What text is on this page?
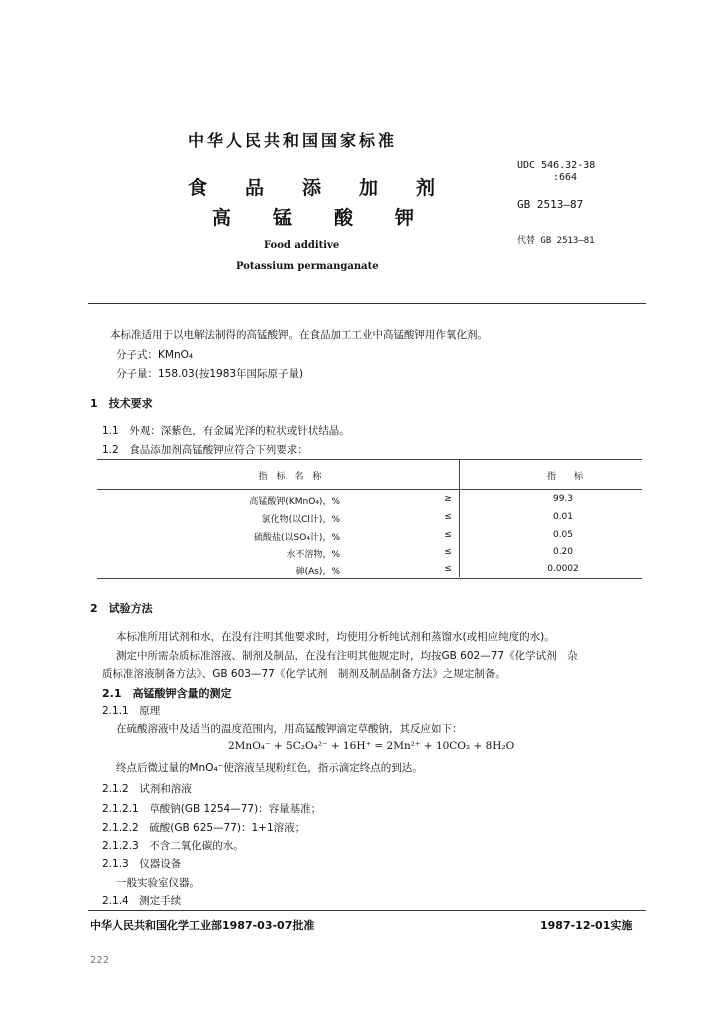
中华人民共和国国家标准
食品添加剂
高锰酸钾
Food additive
Potassium permanganate
UDC 546.32-38
:664
GB 2513—87
代替 GB 2513—81
本标准适用于以电解法制得的高锰酸钾。在食品加工工业中高锰酸钾用作氧化剂。
分子式：KMnO₄
分子量：158.03(按1983年国际原子量)
1　技术要求
1.1　外观：深紫色，有金属光泽的粒状或针状结晶。
1.2　食品添加剂高锰酸钾应符合下列要求：
指　标　名　称	指　　标
高锰酸钾(KMnO₄)，%	≥	99.3
氯化物(以Cl计)，%	≤	0.01
硫酸盐(以SO₄计)，%	≤	0.05
水不溶物，%	≤	0.20
砷(As)，%	≤	0.0002
2　试验方法
本标准所用试剂和水，在没有注明其他要求时，均使用分析纯试剂和蒸馏水(或相应纯度的水)。
测定中所需杂质标准溶液、制剂及制品，在没有注明其他规定时，均按GB 602—77《化学试剂　杂
质标准溶液制备方法》、GB 603—77《化学试剂　制剂及制品制备方法》之规定制备。
2.1　高锰酸钾含量的测定
2.1.1　原理
在硫酸溶液中及适当的温度范围内，用高锰酸钾滴定草酸钠，其反应如下：
2MnO₄⁻ + 5C₂O₄²⁻ + 16H⁺ = 2Mn²⁺ + 10CO₂ + 8H₂O
终点后微过量的MnO₄⁻使溶液呈现粉红色，指示滴定终点的到达。
2.1.2　试剂和溶液
2.1.2.1　草酸钠(GB 1254—77)：容量基准；
2.1.2.2　硫酸(GB 625—77)：1+1溶液；
2.1.2.3　不含二氧化碳的水。
2.1.3　仪器设备
一般实验室仪器。
2.1.4　测定手续
中华人民共和国化学工业部1987-03-07批准	1987-12-01实施
222
